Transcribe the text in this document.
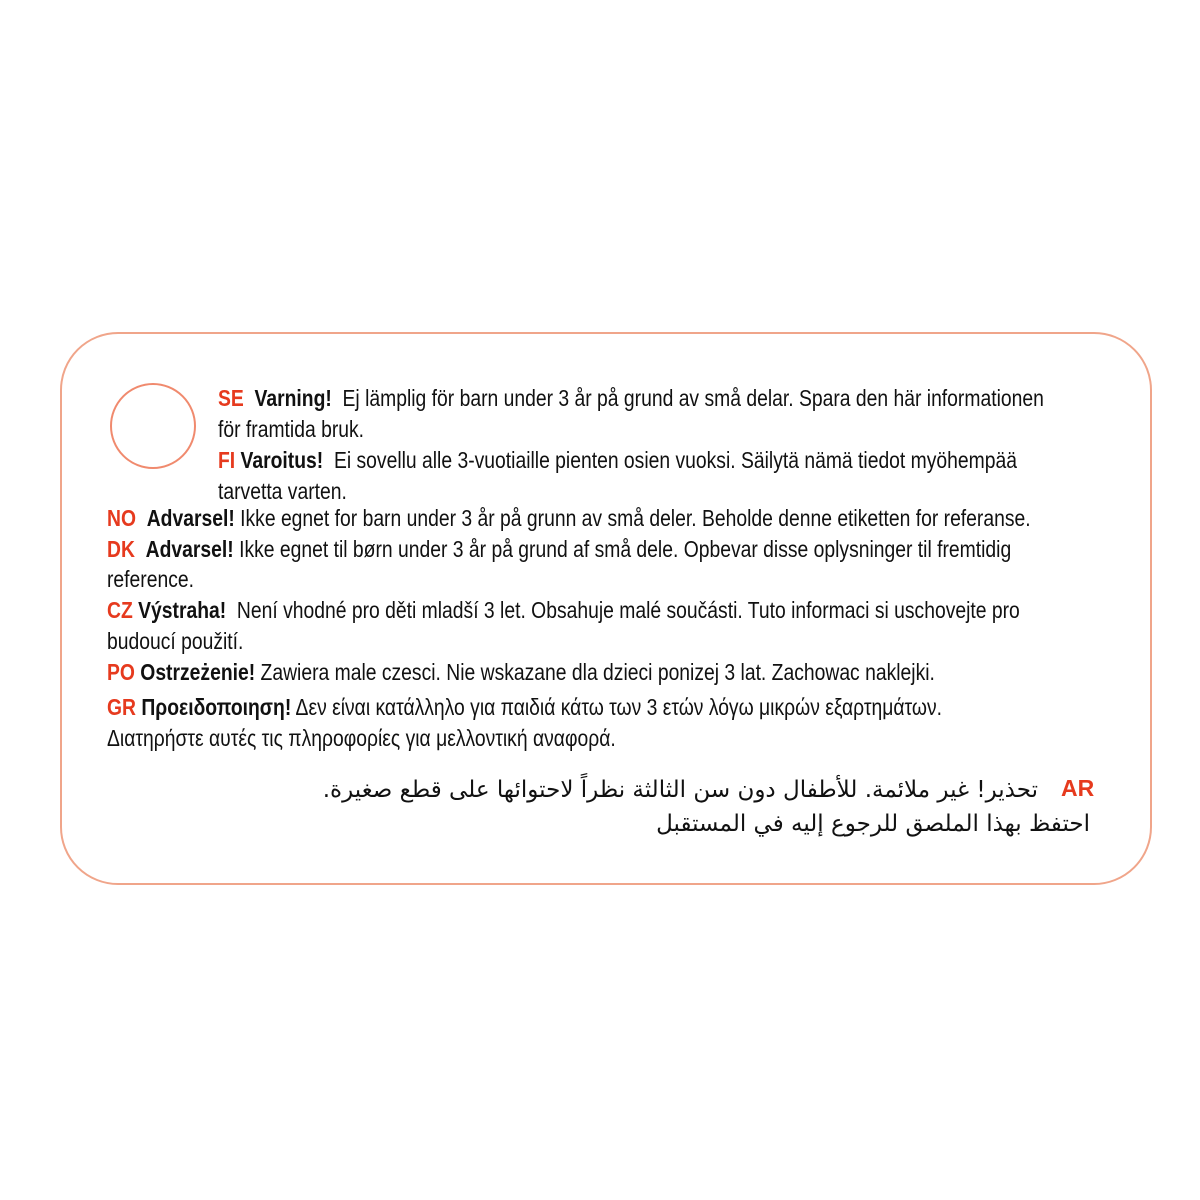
SE Varning! Ej lämplig för barn under 3 år på grund av små delar. Spara den här informationen
för framtida bruk.
FI Varoitus! Ei sovellu alle 3-vuotiaille pienten osien vuoksi. Säilytä nämä tiedot myöhempää
tarvetta varten.
NO Advarsel! Ikke egnet for barn under 3 år på grunn av små deler. Beholde denne etiketten for referanse.
DK Advarsel! Ikke egnet til børn under 3 år på grund af små dele. Opbevar disse oplysninger til fremtidig
reference.
CZ Výstraha! Není vhodné pro děti mladší 3 let. Obsahuje malé součásti. Tuto informaci si uschovejte pro
budoucí použití.
PO Ostrzeżenie! Zawiera male czesci. Nie wskazane dla dzieci ponizej 3 lat. Zachowac naklejki.
GR Προειδοποιηση! Δεν είναι κατάλληλο για παιδιά κάτω των 3 ετών λόγω μικρών εξαρτημάτων.
Διατηρήστε αυτές τις πληροφορίες για μελλοντική αναφορά.
AR
تحذير! غير ملائمة. للأطفال دون سن الثالثة نظراً لاحتوائها على قطع صغيرة.
احتفظ بهذا الملصق للرجوع إليه في المستقبل
